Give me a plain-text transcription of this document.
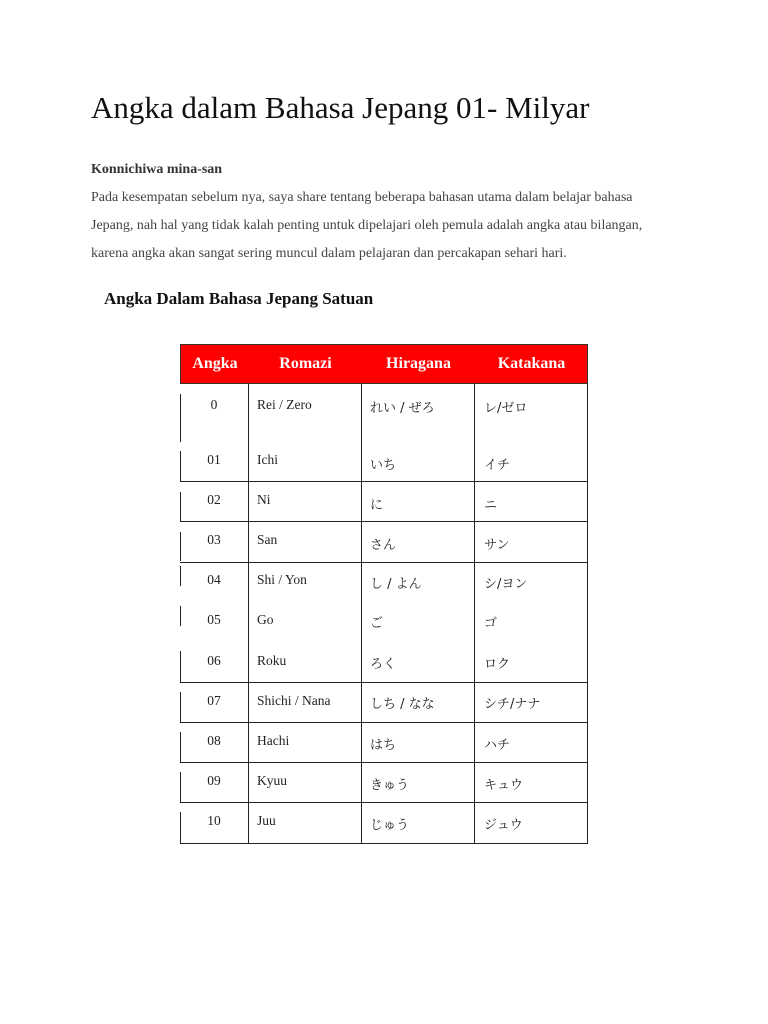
Angka dalam Bahasa Jepang 01- Milyar

Konnichiwa mina-san

Pada kesempatan sebelum nya, saya share tentang beberapa bahasan utama dalam belajar bahasa
Jepang, nah hal yang tidak kalah penting untuk dipelajari oleh pemula adalah angka atau bilangan,
karena angka akan sangat sering muncul dalam pelajaran dan percakapan sehari hari.

Angka Dalam Bahasa Jepang Satuan
Angka	Romazi	Hiragana	Katakana
0	Rei / Zero	れい / ぜろ	レ/ゼロ
01	Ichi	いち	イチ
02	Ni	に	ニ
03	San	さん	サン
04	Shi / Yon	し / よん	シ/ヨン
05	Go	ご	ゴ
06	Roku	ろく	ロク
07	Shichi / Nana	しち / なな	シチ/ナナ
08	Hachi	はち	ハチ
09	Kyuu	きゅう	キュウ
10	Juu	じゅう	ジュウ
